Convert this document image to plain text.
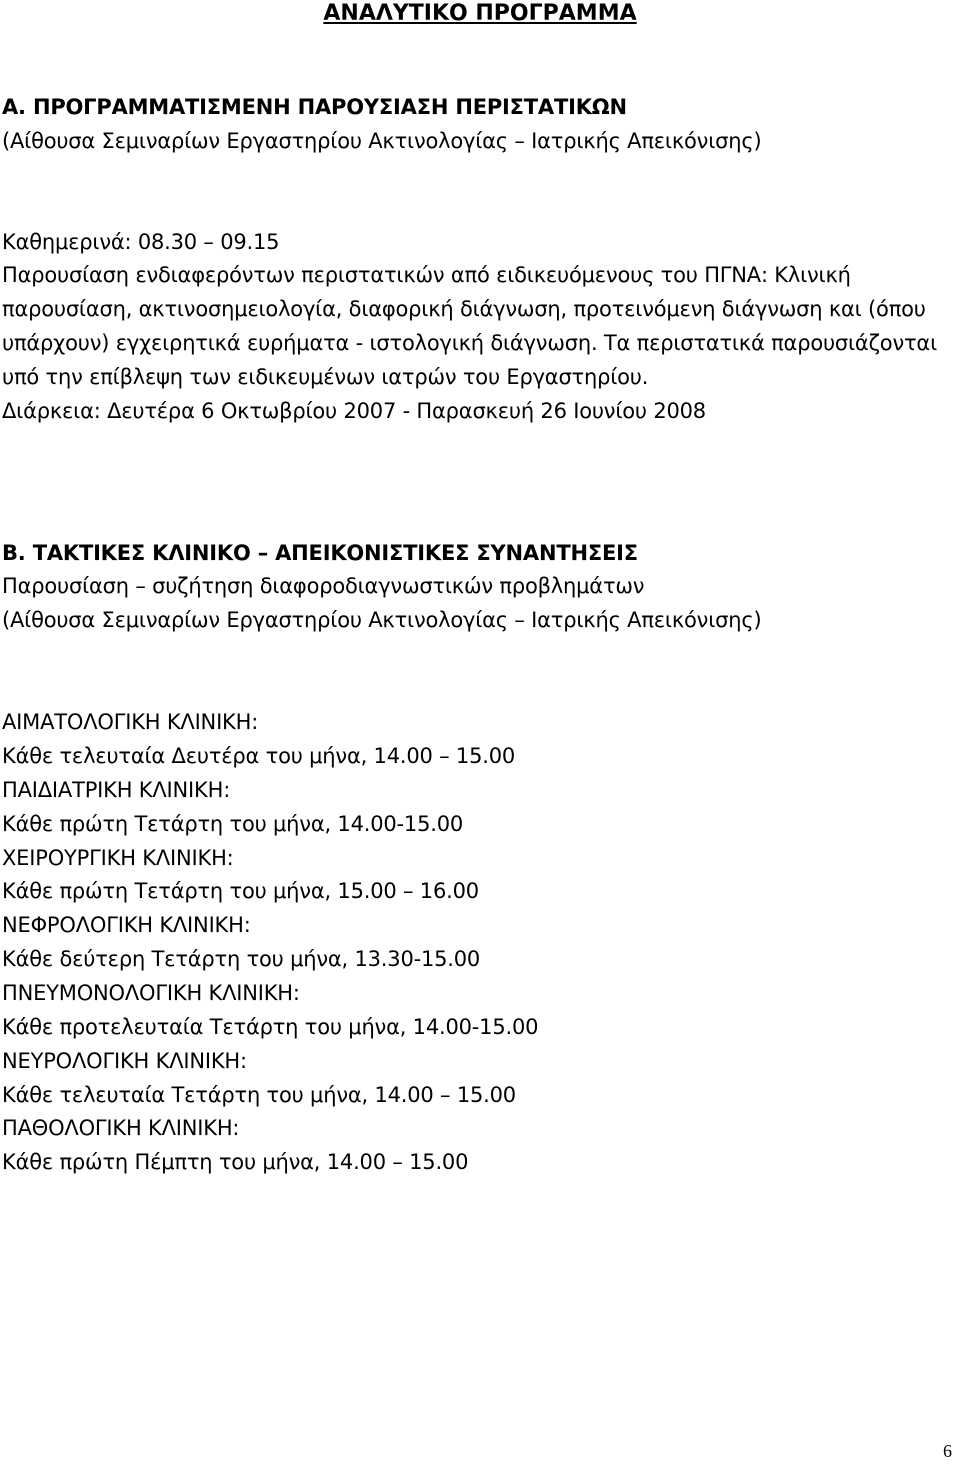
ΑΝΑΛΥΤΙΚΟ ΠΡΟΓΡΑΜΜΑ

Α. ΠΡΟΓΡΑΜΜΑΤΙΣΜΕΝΗ ΠΑΡΟΥΣΙΑΣΗ ΠΕΡΙΣΤΑΤΙΚΩΝ

(Αίθουσα Σεμιναρίων Εργαστηρίου Ακτινολογίας – Ιατρικής Απεικόνισης)

Καθημερινά: 08.30 – 09.15

Παρουσίαση ενδιαφερόντων περιστατικών από ειδικευόμενους του ΠΓΝΑ: Κλινική

παρουσίαση, ακτινοσημειολογία, διαφορική διάγνωση, προτεινόμενη διάγνωση και (όπου

υπάρχουν) εγχειρητικά ευρήματα - ιστολογική διάγνωση. Τα περιστατικά παρουσιάζονται

υπό την επίβλεψη των ειδικευμένων ιατρών του Εργαστηρίου.

Διάρκεια: Δευτέρα 6 Οκτωβρίου 2007 - Παρασκευή 26 Ιουνίου 2008

Β. ΤΑΚΤΙΚΕΣ ΚΛΙΝΙΚΟ – ΑΠΕΙΚΟΝΙΣΤΙΚΕΣ ΣΥΝΑΝΤΗΣΕΙΣ

Παρουσίαση – συζήτηση διαφοροδιαγνωστικών προβλημάτων

(Αίθουσα Σεμιναρίων Εργαστηρίου Ακτινολογίας – Ιατρικής Απεικόνισης)

ΑΙΜΑΤΟΛΟΓΙΚΗ ΚΛΙΝΙΚΗ:

Κάθε τελευταία Δευτέρα του μήνα, 14.00 – 15.00

ΠΑΙΔΙΑΤΡΙΚΗ ΚΛΙΝΙΚΗ:

Κάθε πρώτη Τετάρτη του μήνα, 14.00-15.00

ΧΕΙΡΟΥΡΓΙΚΗ ΚΛΙΝΙΚΗ:

Κάθε πρώτη Τετάρτη του μήνα, 15.00 – 16.00

ΝΕΦΡΟΛΟΓΙΚΗ ΚΛΙΝΙΚΗ:

Κάθε δεύτερη Τετάρτη του μήνα, 13.30-15.00

ΠΝΕΥΜΟΝΟΛΟΓΙΚΗ ΚΛΙΝΙΚΗ:

Κάθε προτελευταία Τετάρτη του μήνα, 14.00-15.00

ΝΕΥΡΟΛΟΓΙΚΗ ΚΛΙΝΙΚΗ:

Κάθε τελευταία Τετάρτη του μήνα, 14.00 – 15.00

ΠΑΘΟΛΟΓΙΚΗ ΚΛΙΝΙΚΗ:

Κάθε πρώτη Πέμπτη του μήνα, 14.00 – 15.00

6
